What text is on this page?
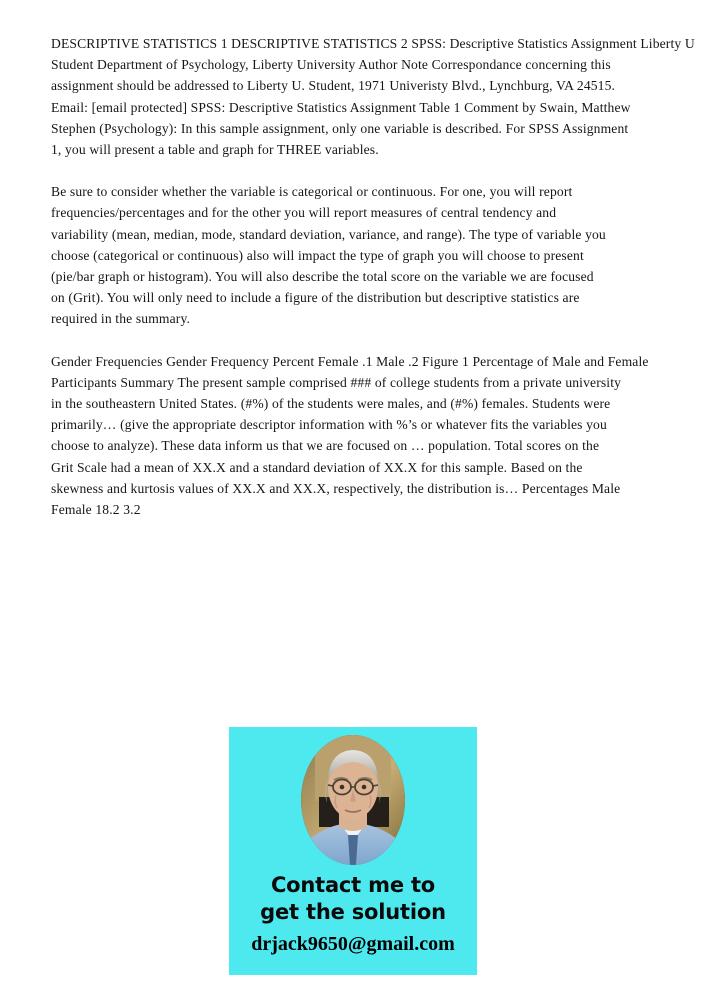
DESCRIPTIVE STATISTICS 1 DESCRIPTIVE STATISTICS 2 SPSS: Descriptive Statistics Assignment Liberty U
Student Department of Psychology, Liberty University Author Note Correspondance concerning this
assignment should be addressed to Liberty U. Student, 1971 Univeristy Blvd., Lynchburg, VA 24515.
Email: [email protected] SPSS: Descriptive Statistics Assignment Table 1 Comment by Swain, Matthew
Stephen (Psychology): In this sample assignment, only one variable is described. For SPSS Assignment
1, you will present a table and graph for THREE variables.
Be sure to consider whether the variable is categorical or continuous. For one, you will report
frequencies/percentages and for the other you will report measures of central tendency and
variability (mean, median, mode, standard deviation, variance, and range). The type of variable you
choose (categorical or continuous) also will impact the type of graph you will choose to present
(pie/bar graph or histogram). You will also describe the total score on the variable we are focused
on (Grit). You will only need to include a figure of the distribution but descriptive statistics are
required in the summary.
Gender Frequencies Gender Frequency Percent Female .1 Male .2 Figure 1 Percentage of Male and Female
Participants Summary The present sample comprised ### of college students from a private university
in the southeastern United States. (#%) of the students were males, and (#%) females. Students were
primarily… (give the appropriate descriptor information with %’s or whatever fits the variables you
choose to analyze). These data inform us that we are focused on … population. Total scores on the
Grit Scale had a mean of XX.X and a standard deviation of XX.X for this sample. Based on the
skewness and kurtosis values of XX.X and XX.X, respectively, the distribution is… Percentages Male
Female 18.2 3.2
Contact me to
get the solution
drjack9650@gmail.com
